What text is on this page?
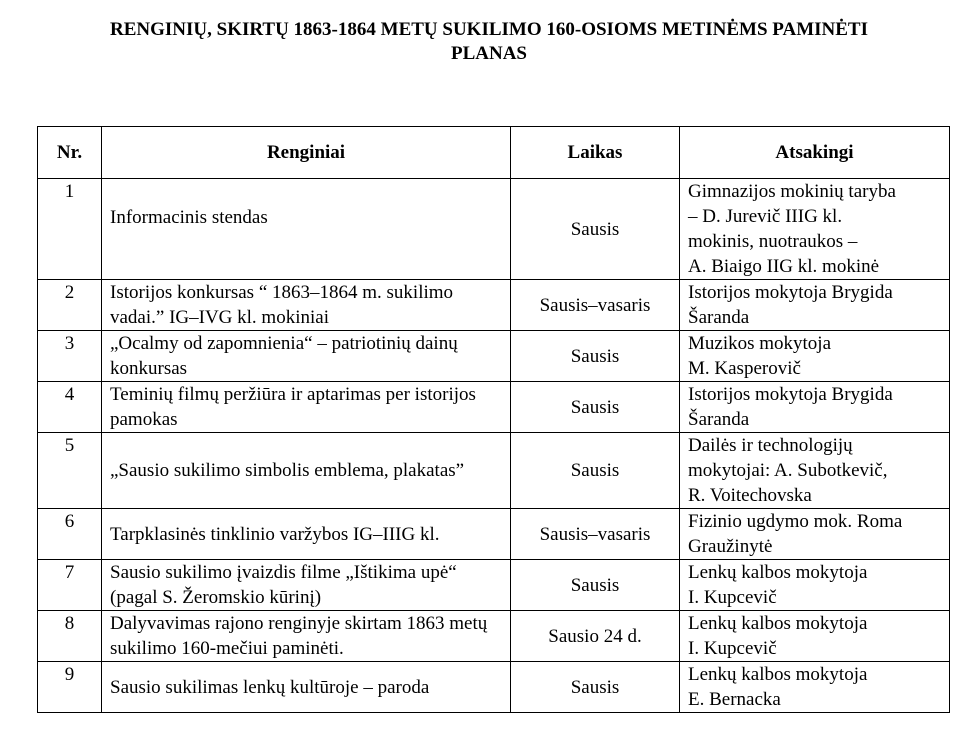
RENGINIŲ, SKIRTŲ 1863-1864 METŲ SUKILIMO 160-OSIOMS METINĖMS PAMINĖTI
PLANAS
Nr.	Renginiai	Laikas	Atsakingi
1	Informacinis stendas	Sausis	Gimnazijos mokinių taryba
– D. Jurevič IIIG kl.
mokinis, nuotraukos –
A. Biaigo IIG kl. mokinė

2	Istorijos konkursas “ 1863–1864 m. sukilimo vadai.” IG–IVG kl. mokiniai	Sausis–vasaris	Istorijos mokytoja Brygida
Šaranda

3	„Ocalmy od zapomnienia“ – patriotinių dainų konkursas	Sausis	Muzikos mokytoja
M. Kasperovič

4	Teminių filmų peržiūra ir aptarimas per istorijos pamokas	Sausis	Istorijos mokytoja Brygida
Šaranda

5	„Sausio sukilimo simbolis emblema, plakatas”	Sausis	Dailės ir technologijų
mokytojai: A. Subotkevič,
R. Voitechovska

6	Tarpklasinės tinklinio varžybos IG–IIIG kl.	Sausis–vasaris	Fizinio ugdymo mok. Roma
Graužinytė

7	Sausio sukilimo įvaizdis filme „Ištikima upė“ (pagal S. Žeromskio kūrinį)	Sausis	Lenkų kalbos mokytoja
I. Kupcevič

8	Dalyvavimas rajono renginyje skirtam 1863 metų sukilimo 160-mečiui paminėti.	Sausio 24 d.	Lenkų kalbos mokytoja
I. Kupcevič

9	Sausio sukilimas lenkų kultūroje – paroda	Sausis	Lenkų kalbos mokytoja
E. Bernacka
